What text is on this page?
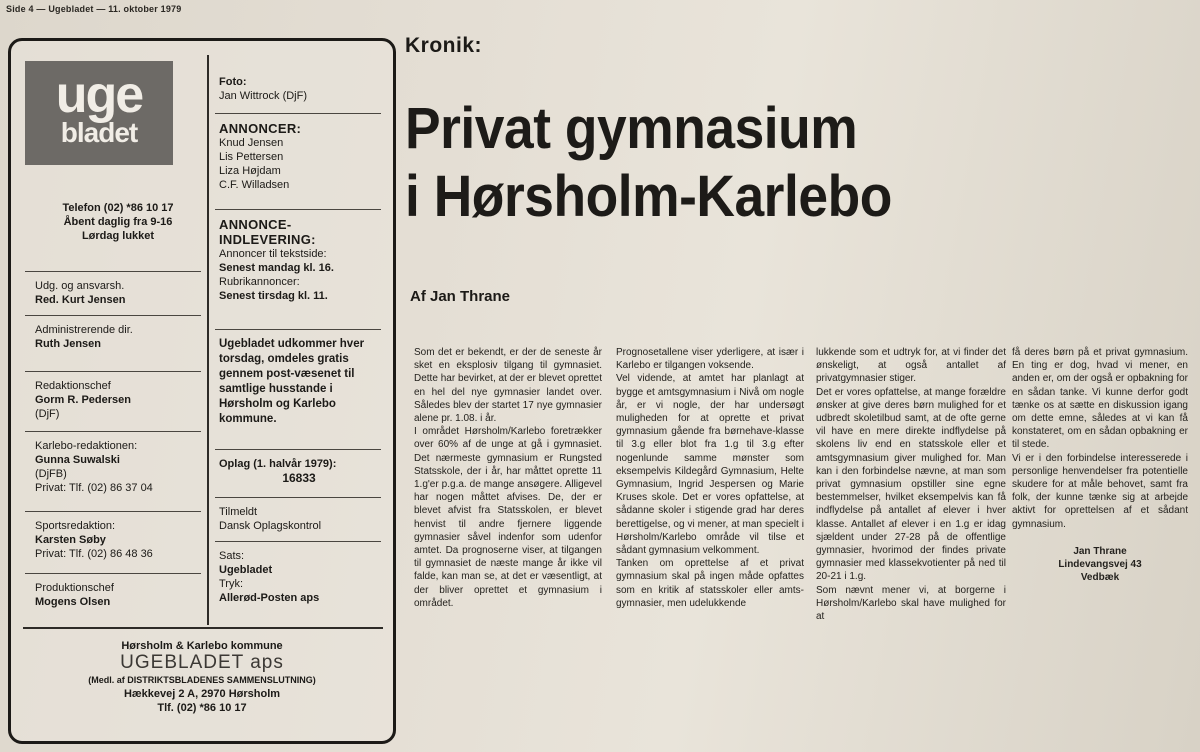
Side 4 — Ugebladet — 11. oktober 1979
uge
bladet
Telefon (02) *86 10 17
Åbent daglig fra 9-16
Lørdag lukket
Udg. og ansvarsh.
Red. Kurt Jensen
Administrerende dir.
Ruth Jensen
Redaktionschef
Gorm R. Pedersen
(DjF)
Karlebo-redaktionen:
Gunna Suwalski
(DjFB)
Privat: Tlf. (02) 86 37 04
Sportsredaktion:
Karsten Søby
Privat: Tlf. (02) 86 48 36
Produktionschef
Mogens Olsen
Foto:
Jan Wittrock (DjF)
ANNONCER:
Knud Jensen
Lis Pettersen
Liza Højdam
C.F. Willadsen
ANNONCE-
INDLEVERING:
Annoncer til tekstside:
Senest mandag kl. 16.
Rubrikannoncer:
Senest tirsdag kl. 11.
Ugebladet udkommer hver torsdag, omdeles gratis gennem post-væsenet til samtlige husstande i Hørsholm og Karlebo kommune.
Oplag (1. halvår 1979):
16833
Tilmeldt
Dansk Oplagskontrol
Sats:
Ugebladet
Tryk:
Allerød-Posten aps
Hørsholm & Karlebo kommune
UGEBLADET aps
(Medl. af DISTRIKTSBLADENES SAMMENSLUTNING)
Hækkevej 2 A, 2970 Hørsholm
Tlf. (02) *86 10 17
Kronik:
Privat gymnasium
i Hørsholm-Karlebo
Af Jan Thrane
Som det er bekendt, er der de seneste år sket en eksplosiv tilgang til gymnasiet. Dette har bevirket, at der er blevet oprettet en hel del nye gymnasier landet over. Således blev der startet 17 nye gymnasier alene pr. 1.08. i år.
I området Hørsholm/Karlebo foretrækker over 60% af de unge at gå i gymnasiet. Det nærmeste gymnasium er Rungsted Statsskole, der i år, har måttet oprette 11 1.g'er p.g.a. de mange ansøgere. Alligevel har nogen måttet afvises. De, der er blevet afvist fra Statsskolen, er blevet henvist til andre fjernere liggende gymnasier såvel indenfor som udenfor amtet. Da prognoserne viser, at tilgangen til gymnasiet de næste mange år ikke vil falde, kan man se, at det er væsentligt, at der bliver oprettet et gymnasium i området.
Prognosetallene viser yderligere, at især i Karlebo er tilgangen voksende.
Vel vidende, at amtet har planlagt at bygge et amtsgymnasium i Nivå om nogle år, er vi nogle, der har undersøgt muligheden for at oprette et privat gymnasium gående fra børnehave-klasse til 3.g eller blot fra 1.g til 3.g efter nogenlunde samme mønster som eksempelvis Kildegård Gymnasium, Helte Gymnasium, Ingrid Jespersen og Marie Kruses skole. Det er vores opfattelse, at sådanne skoler i stigende grad har deres berettigelse, og vi mener, at man specielt i Hørsholm/Karlebo område vil tilse et sådant gymnasium velkomment.
Tanken om oprettelse af et privat gymnasium skal på ingen måde opfattes som en kritik af statsskoler eller amts-gymnasier, men udelukkende
lukkende som et udtryk for, at vi finder det ønskeligt, at også antallet af privatgymnasier stiger.
Det er vores opfattelse, at mange forældre ønsker at give deres børn mulighed for et udbredt skoletilbud samt, at de ofte gerne vil have en mere direkte indflydelse på skolens liv end en statsskole eller et amtsgymnasium giver mulighed for. Man kan i den forbindelse nævne, at man som privat gymnasium opstiller sine egne bestemmelser, hvilket eksempelvis kan få indflydelse på antallet af elever i hver klasse. Antallet af elever i en 1.g er idag sjældent under 27-28 på de offentlige gymnasier, hvorimod der findes private gymnasier med klassekvotienter på ned til 20-21 i 1.g.
Som nævnt mener vi, at borgerne i Hørsholm/Karlebo skal have mulighed for at

få deres børn på et privat gymnasium. En ting er dog, hvad vi mener, en anden er, om der også er opbakning for en sådan tanke. Vi kunne derfor godt tænke os at sætte en diskussion igang om dette emne, således at vi kan få konstateret, om en sådan opbakning er til stede.
Vi er i den forbindelse interesserede i personlige henvendelser fra potentielle skudere for at måle behovet, samt fra folk, der kunne tænke sig at arbejde aktivt for oprettelsen af et sådant gymnasium.

Jan Thrane

Lindevangsvej 43

Vedbæk
